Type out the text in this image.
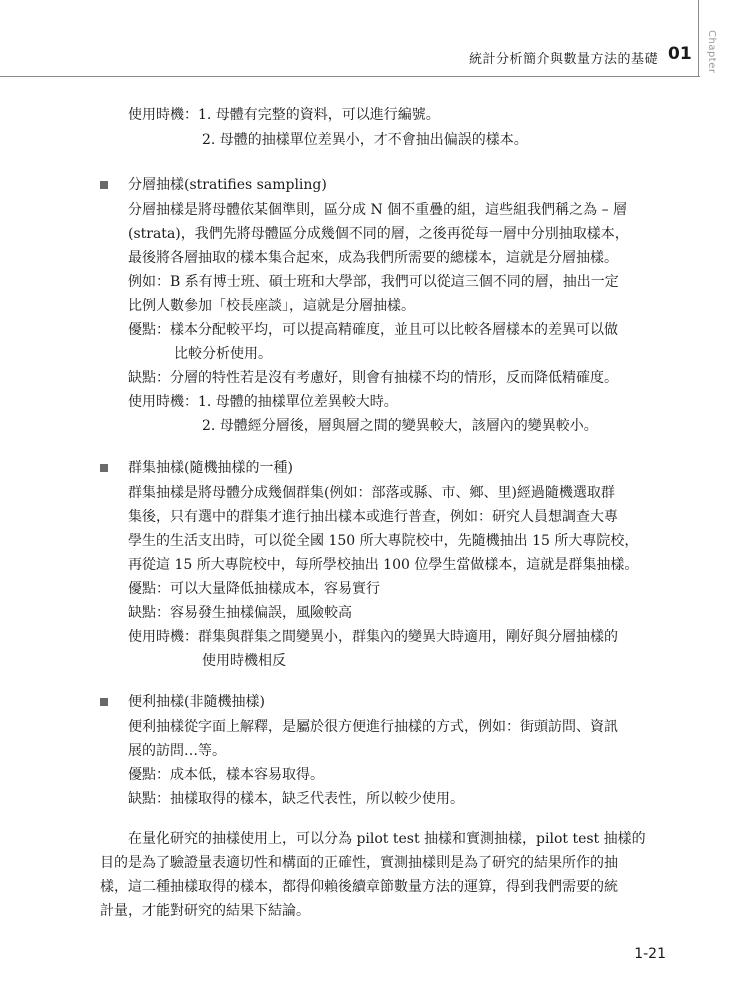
Chapter
統計分析簡介與數量方法的基礎 01
使用時機：1. 母體有完整的資料，可以進行編號。
2. 母體的抽樣單位差異小，才不會抽出偏誤的樣本。
分層抽樣(stratifies sampling)
分層抽樣是將母體依某個準則，區分成 N 個不重疊的組，這些組我們稱之為 – 層
(strata)，我們先將母體區分成幾個不同的層，之後再從每一層中分別抽取樣本，
最後將各層抽取的樣本集合起來，成為我們所需要的總樣本，這就是分層抽樣。
例如：B 系有博士班、碩士班和大學部，我們可以從這三個不同的層，抽出一定
比例人數參加「校長座談」，這就是分層抽樣。
優點：樣本分配較平均，可以提高精確度，並且可以比較各層樣本的差異可以做
比較分析使用。
缺點：分層的特性若是沒有考慮好，則會有抽樣不均的情形，反而降低精確度。
使用時機：1. 母體的抽樣單位差異較大時。
2. 母體經分層後，層與層之間的變異較大，該層內的變異較小。
群集抽樣(隨機抽樣的一種)
群集抽樣是將母體分成幾個群集(例如：部落或縣、市、鄉、里)經過隨機選取群
集後，只有選中的群集才進行抽出樣本或進行普查，例如：研究人員想調查大專
學生的生活支出時，可以從全國 150 所大專院校中，先隨機抽出 15 所大專院校，
再從這 15 所大專院校中，每所學校抽出 100 位學生當做樣本，這就是群集抽樣。
優點：可以大量降低抽樣成本，容易實行
缺點：容易發生抽樣偏誤，風險較高
使用時機：群集與群集之間變異小，群集內的變異大時適用，剛好與分層抽樣的
使用時機相反
便利抽樣(非隨機抽樣)
便利抽樣從字面上解釋，是屬於很方便進行抽樣的方式，例如：街頭訪問、資訊
展的訪問…等。
優點：成本低，樣本容易取得。
缺點：抽樣取得的樣本，缺乏代表性，所以較少使用。
在量化研究的抽樣使用上，可以分為 pilot test 抽樣和實測抽樣，pilot test 抽樣的
目的是為了驗證量表適切性和構面的正確性，實測抽樣則是為了研究的結果所作的抽
樣，這二種抽樣取得的樣本，都得仰賴後續章節數量方法的運算，得到我們需要的統
計量，才能對研究的結果下結論。
1-21
